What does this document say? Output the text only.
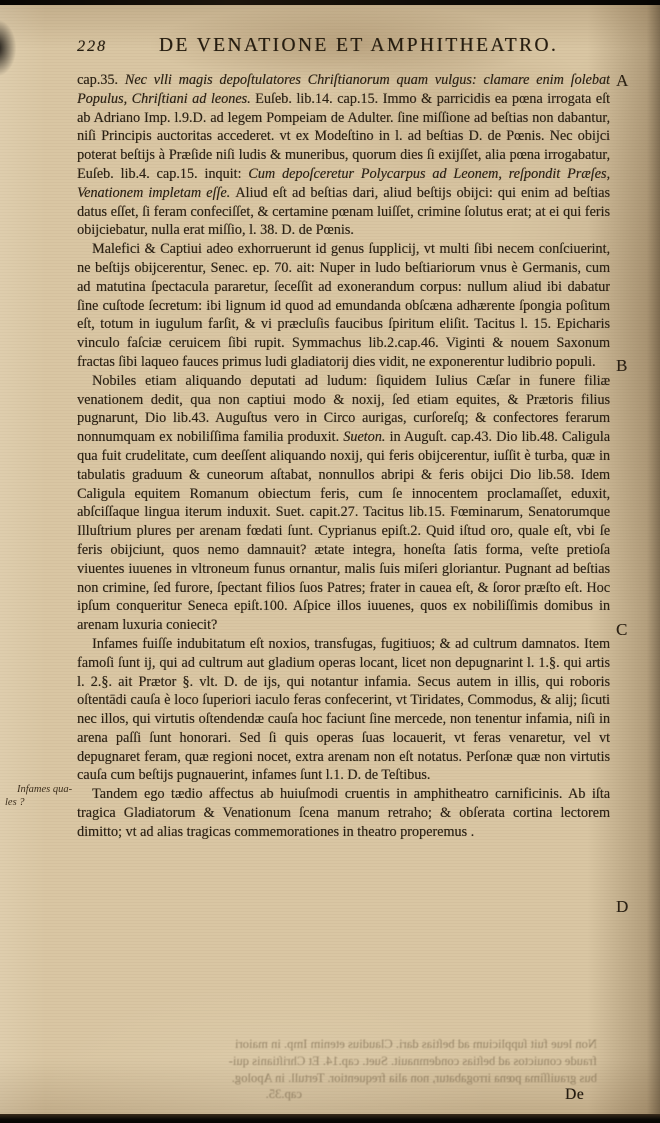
228	DE VENATIONE ET AMPHITHEATRO.

cap.35. Nec vlli magis depoſtulatores Chriſtianorum quam vulgus: clamare enim ſolebat Populus, Chriſtiani ad leones. Euſeb. lib.14. cap.15. Immo & parricidis ea pœna irrogata eſt ab Adriano Imp. l.9.D. ad legem Pompeiam de Adulter. ſine miſſione ad beſtias non dabantur, niſi Principis auctoritas accederet. vt ex Modeſtino in l. ad beſtias D. de Pœnis. Nec obijci poterat beſtijs à Præſide niſi ludis & muneribus, quorum dies ſi exijſſet, alia pœna irrogabatur, Euſeb. lib.4. cap.15. inquit: Cum depoſceretur Polycarpus ad Leonem, reſpondit Præſes, Venationem impletam eſſe. Aliud eſt ad beſtias dari, aliud beſtijs obijci: qui enim ad beſtias datus eſſet, ſi feram confeciſſet, & certamine pœnam luiſſet, crimine ſolutus erat; at ei qui feris obijciebatur, nulla erat miſſio, l. 38. D. de Pœnis.

Malefici & Captiui adeo exhorruerunt id genus ſupplicij, vt multi ſibi necem conſciuerint, ne beſtijs obijcerentur, Senec. ep. 70. ait: Nuper in ludo beſtiariorum vnus è Germanis, cum ad matutina ſpectacula pararetur, ſeceſſit ad exonerandum corpus: nullum aliud ibi dabatur ſine cuſtode ſecretum: ibi lignum id quod ad emundanda obſcæna adhærente ſpongia poſitum eſt, totum in iugulum farſit, & vi præcluſis faucibus ſpiritum eliſit. Tacitus l. 15. Epicharis vinculo faſciæ ceruicem ſibi rupit. Symmachus lib.2.cap.46. Viginti & nouem Saxonum fractas ſibi laqueo fauces primus ludi gladiatorij dies vidit, ne exponerentur ludibrio populi.

Nobiles etiam aliquando deputati ad ludum: ſiquidem Iulius Cæſar in funere filiæ venationem dedit, qua non captiui modo & noxij, ſed etiam equites, & Prætoris filius pugnarunt, Dio lib.43. Auguſtus vero in Circo aurigas, curſoreſq; & confectores ferarum nonnumquam ex nobiliſſima familia produxit. Sueton. in Auguſt. cap.43. Dio lib.48. Caligula qua fuit crudelitate, cum deeſſent aliquando noxij, qui feris obijcerentur, iuſſit è turba, quæ in tabulatis graduum & cuneorum aſtabat, nonnullos abripi & feris obijci Dio lib.58. Idem Caligula equitem Romanum obiectum feris, cum ſe innocentem proclamaſſet, eduxit, abſciſſaque lingua iterum induxit. Suet. capit.27. Tacitus lib.15. Fœminarum, Senatorumque Illuſtrium plures per arenam fœdati ſunt. Cyprianus epiſt.2. Quid iſtud oro, quale eſt, vbi ſe feris obijciunt, quos nemo damnauit? ætate integra, honeſta ſatis forma, veſte pretioſa viuentes iuuenes in vltroneum funus ornantur, malis ſuis miſeri gloriantur. Pugnant ad beſtias non crimine, ſed furore, ſpectant filios ſuos Patres; frater in cauea eſt, & ſoror præſto eſt. Hoc ipſum conqueritur Seneca epiſt.100. Aſpice illos iuuenes, quos ex nobiliſſimis domibus in arenam luxuria coniecit?

Infames fuiſſe indubitatum eſt noxios, transfugas, fugitiuos; & ad cultrum damnatos. Item famoſi ſunt ij, qui ad cultrum aut gladium operas locant, licet non depugnarint l. 1.§. qui artis l. 2.§. ait Prætor §. vlt. D. de ijs, qui notantur infamia. Secus autem in illis, qui roboris oſtentādi cauſa è loco ſuperiori iaculo feras confecerint, vt Tiridates, Commodus, & alij; ſicuti nec illos, qui virtutis oſtendendæ cauſa hoc faciunt ſine mercede, non tenentur infamia, niſi in arena paſſi ſunt honorari. Sed ſi quis operas ſuas locauerit, vt feras venaretur, vel vt depugnaret feram, quæ regioni nocet, extra arenam non eſt notatus. Perſonæ quæ non virtutis cauſa cum beſtijs pugnauerint, infames ſunt l.1. D. de Teſtibus.

Tandem ego tædio affectus ab huiuſmodi cruentis in amphitheatro carnificinis. Ab iſta tragica Gladiatorum & Venationum ſcena manum retraho; & obſerata cortina lectorem dimitto; vt ad alias tragicas commemorationes in theatro properemus .

A
B
C
D
Infames qua-
les ?
Non leue fuit ſupplicium ad beſtias dari. Claudius etenim Imp. in maiori
fraude conuictos ad beſtias condemnauit. Suet. cap.14. Et Chriſtianis qui-
bus grauiſſima pœna irrogabatur, non alia frequentior. Tertull. in Apolog.
cap.35.	De
